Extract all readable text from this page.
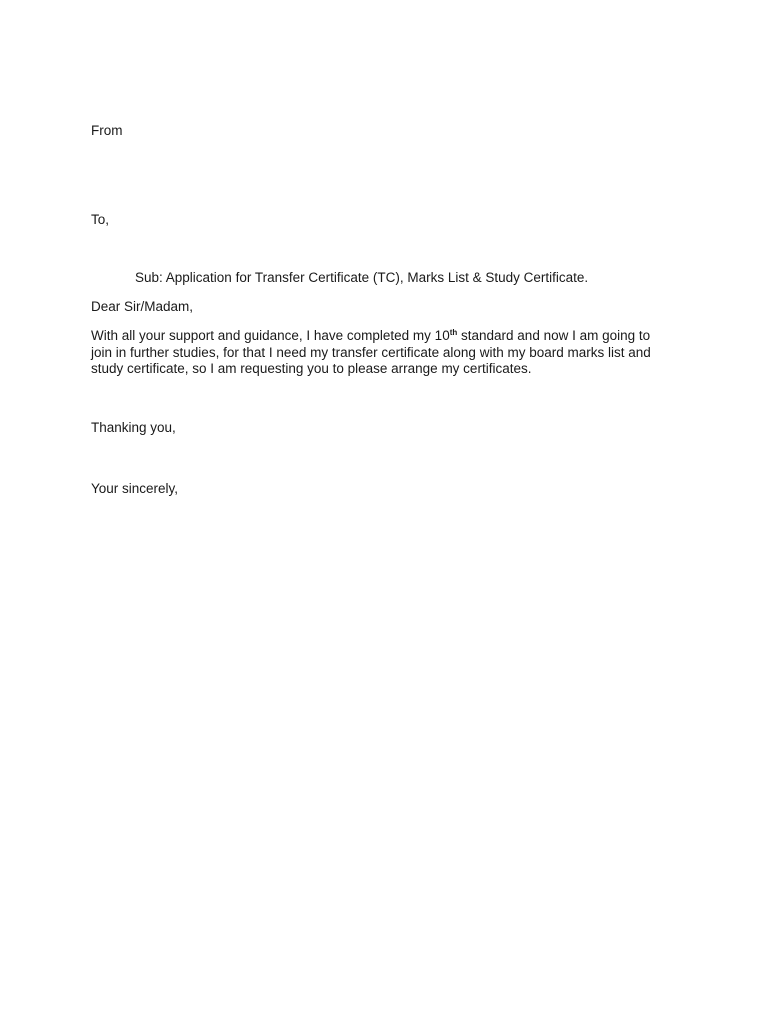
From
To,
Sub: Application for Transfer Certificate (TC), Marks List & Study Certificate.
Dear Sir/Madam,
With all your support and guidance, I have completed my 10th standard and now I am going to
join in further studies, for that I need my transfer certificate along with my board marks list and
study certificate, so I am requesting you to please arrange my certificates.
Thanking you,
Your sincerely,
